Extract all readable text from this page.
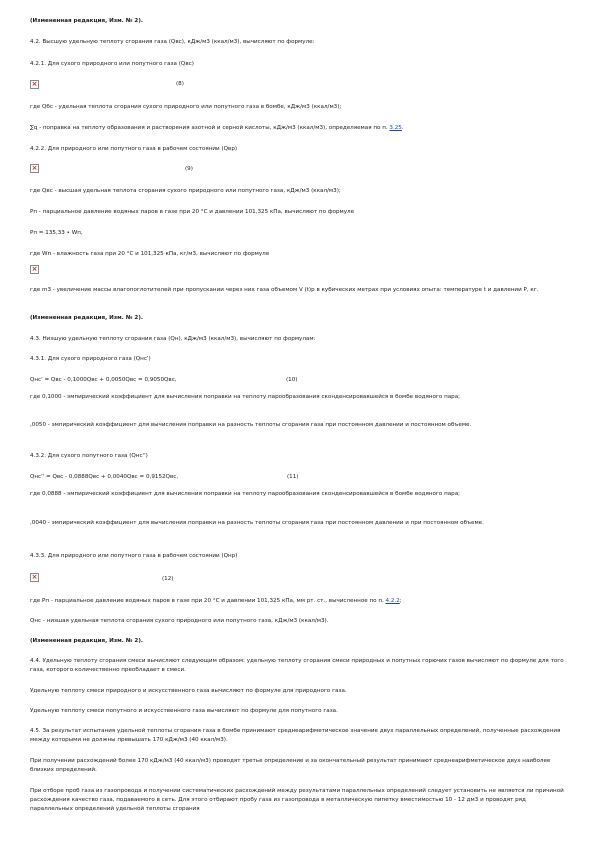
(Измененная редакция, Изм. № 2).
4.2. Высшую удельную теплоту сгорания газа (Qвс), кДж/м3 (ккал/м3), вычисляют по формуле:
4.2.1. Для сухого природного или попутного газа (Qвс)
×	(8)
где Qбс - удельная теплота сгорания сухого природного или попутного газа в бомбе, кДж/м3 (ккал/м3);
∑q - поправка на теплоту образования и растворения азотной и серной кислоты, кДж/м3 (ккал/м3), определяемая по п. 3.25.
4.2.2. Для природного или попутного газа в рабочем состоянии (Qвр)
×	(9)
где Qвс - высшая удельная теплота сгорания сухого природного или попутного газа, кДж/м3 (ккал/м3);
Pп - парциальное давление водяных паров в газе при 20 °С и давлении 101,325 кПа, вычисляют по формуле
Pп = 135,33 • Wп,
где Wп - влажность газа при 20 °С и 101,325 кПа, кг/м3, вычисляют по формуле
×
где m3 - увеличение массы влагопоглотителей при пропускании через них газа объемом V (t)р в кубических метрах при условиях опыта: температуре t и давлении P, кг.
(Измененная редакция, Изм. № 2).
4.3. Низшую удельную теплоту сгорания газа (Qн), кДж/м3 (ккал/м3), вычисляют по формулам:
4.3.1. Для сухого природного газа (Qнс')
Qнс' = Qвс - 0,1000Qвс + 0,0050Qвс = 0,9050Qвс,	(10)
где 0,1000 - эмпирический коэффициент для вычисления поправки на теплоту парообразования сконденсировавшейся в бомбе водяного пара;
,0050 - эмпирический коэффициент для вычисления поправки на разность теплоты сгорания газа при постоянном давлении и постоянном объеме.
4.3.2. Для сухого попутного газа (Qнс'')
Qнс'' = Qвс - 0,0888Qвс + 0,0040Qвс = 0,9152Qвс,	(11)
где 0,0888 - эмпирический коэффициент для вычисления поправки на теплоту парообразования сконденсировавшейся в бомбе водяного пара;
,0040 - эмпирический коэффициент для вычисления поправки на разность теплоты сгорания газа при постоянном давлении и при постоянном объеме.
4.3.3. Для природного или попутного газа в рабочем состоянии (Qнр)
×	(12)
где Pп - парциальное давление водяных паров в газе при 20 °С и давлении 101,325 кПа, мм рт. ст., вычисленное по п. 4.2.2;
Qнс - низшая удельная теплота сгорания сухого природного или попутного газа, кДж/м3 (ккал/м3).
(Измененная редакция, Изм. № 2).
4.4. Удельную теплоту сгорания смеси вычисляют следующим образом: удельную теплоту сгорания смеси природных и попутных горючих газов вычисляют по формуле для того газа, которого количественно преобладает в смеси.
Удельную теплоту смеси природного и искусственного газа вычисляют по формуле для природного газа.
Удельную теплоту смеси попутного и искусственного газа вычисляют по формуле для попутного газа.
4.5. За результат испытания удельной теплоты сгорания газа в бомбе принимают среднеарифметическое значение двух параллельных определений, полученные расхождения между которыми не должны превышать 170 кДж/м3 (40 ккал/м3).
При получении расхождений более 170 кДж/м3 (40 ккал/м3) проводят третье определение и за окончательный результат принимают среднеарифметическое двух наиболее близких определений.
При отборе проб газа из газопровода и получении систематических расхождений между результатами параллельных определений следует установить не является ли причиной расхождения качество газа, подаваемого в сеть. Для этого отбирают пробу газа из газопровода в металлическую пипетку вместимостью 10 - 12 дм3 и проводят ряд параллельных определений удельной теплоты сгорания
